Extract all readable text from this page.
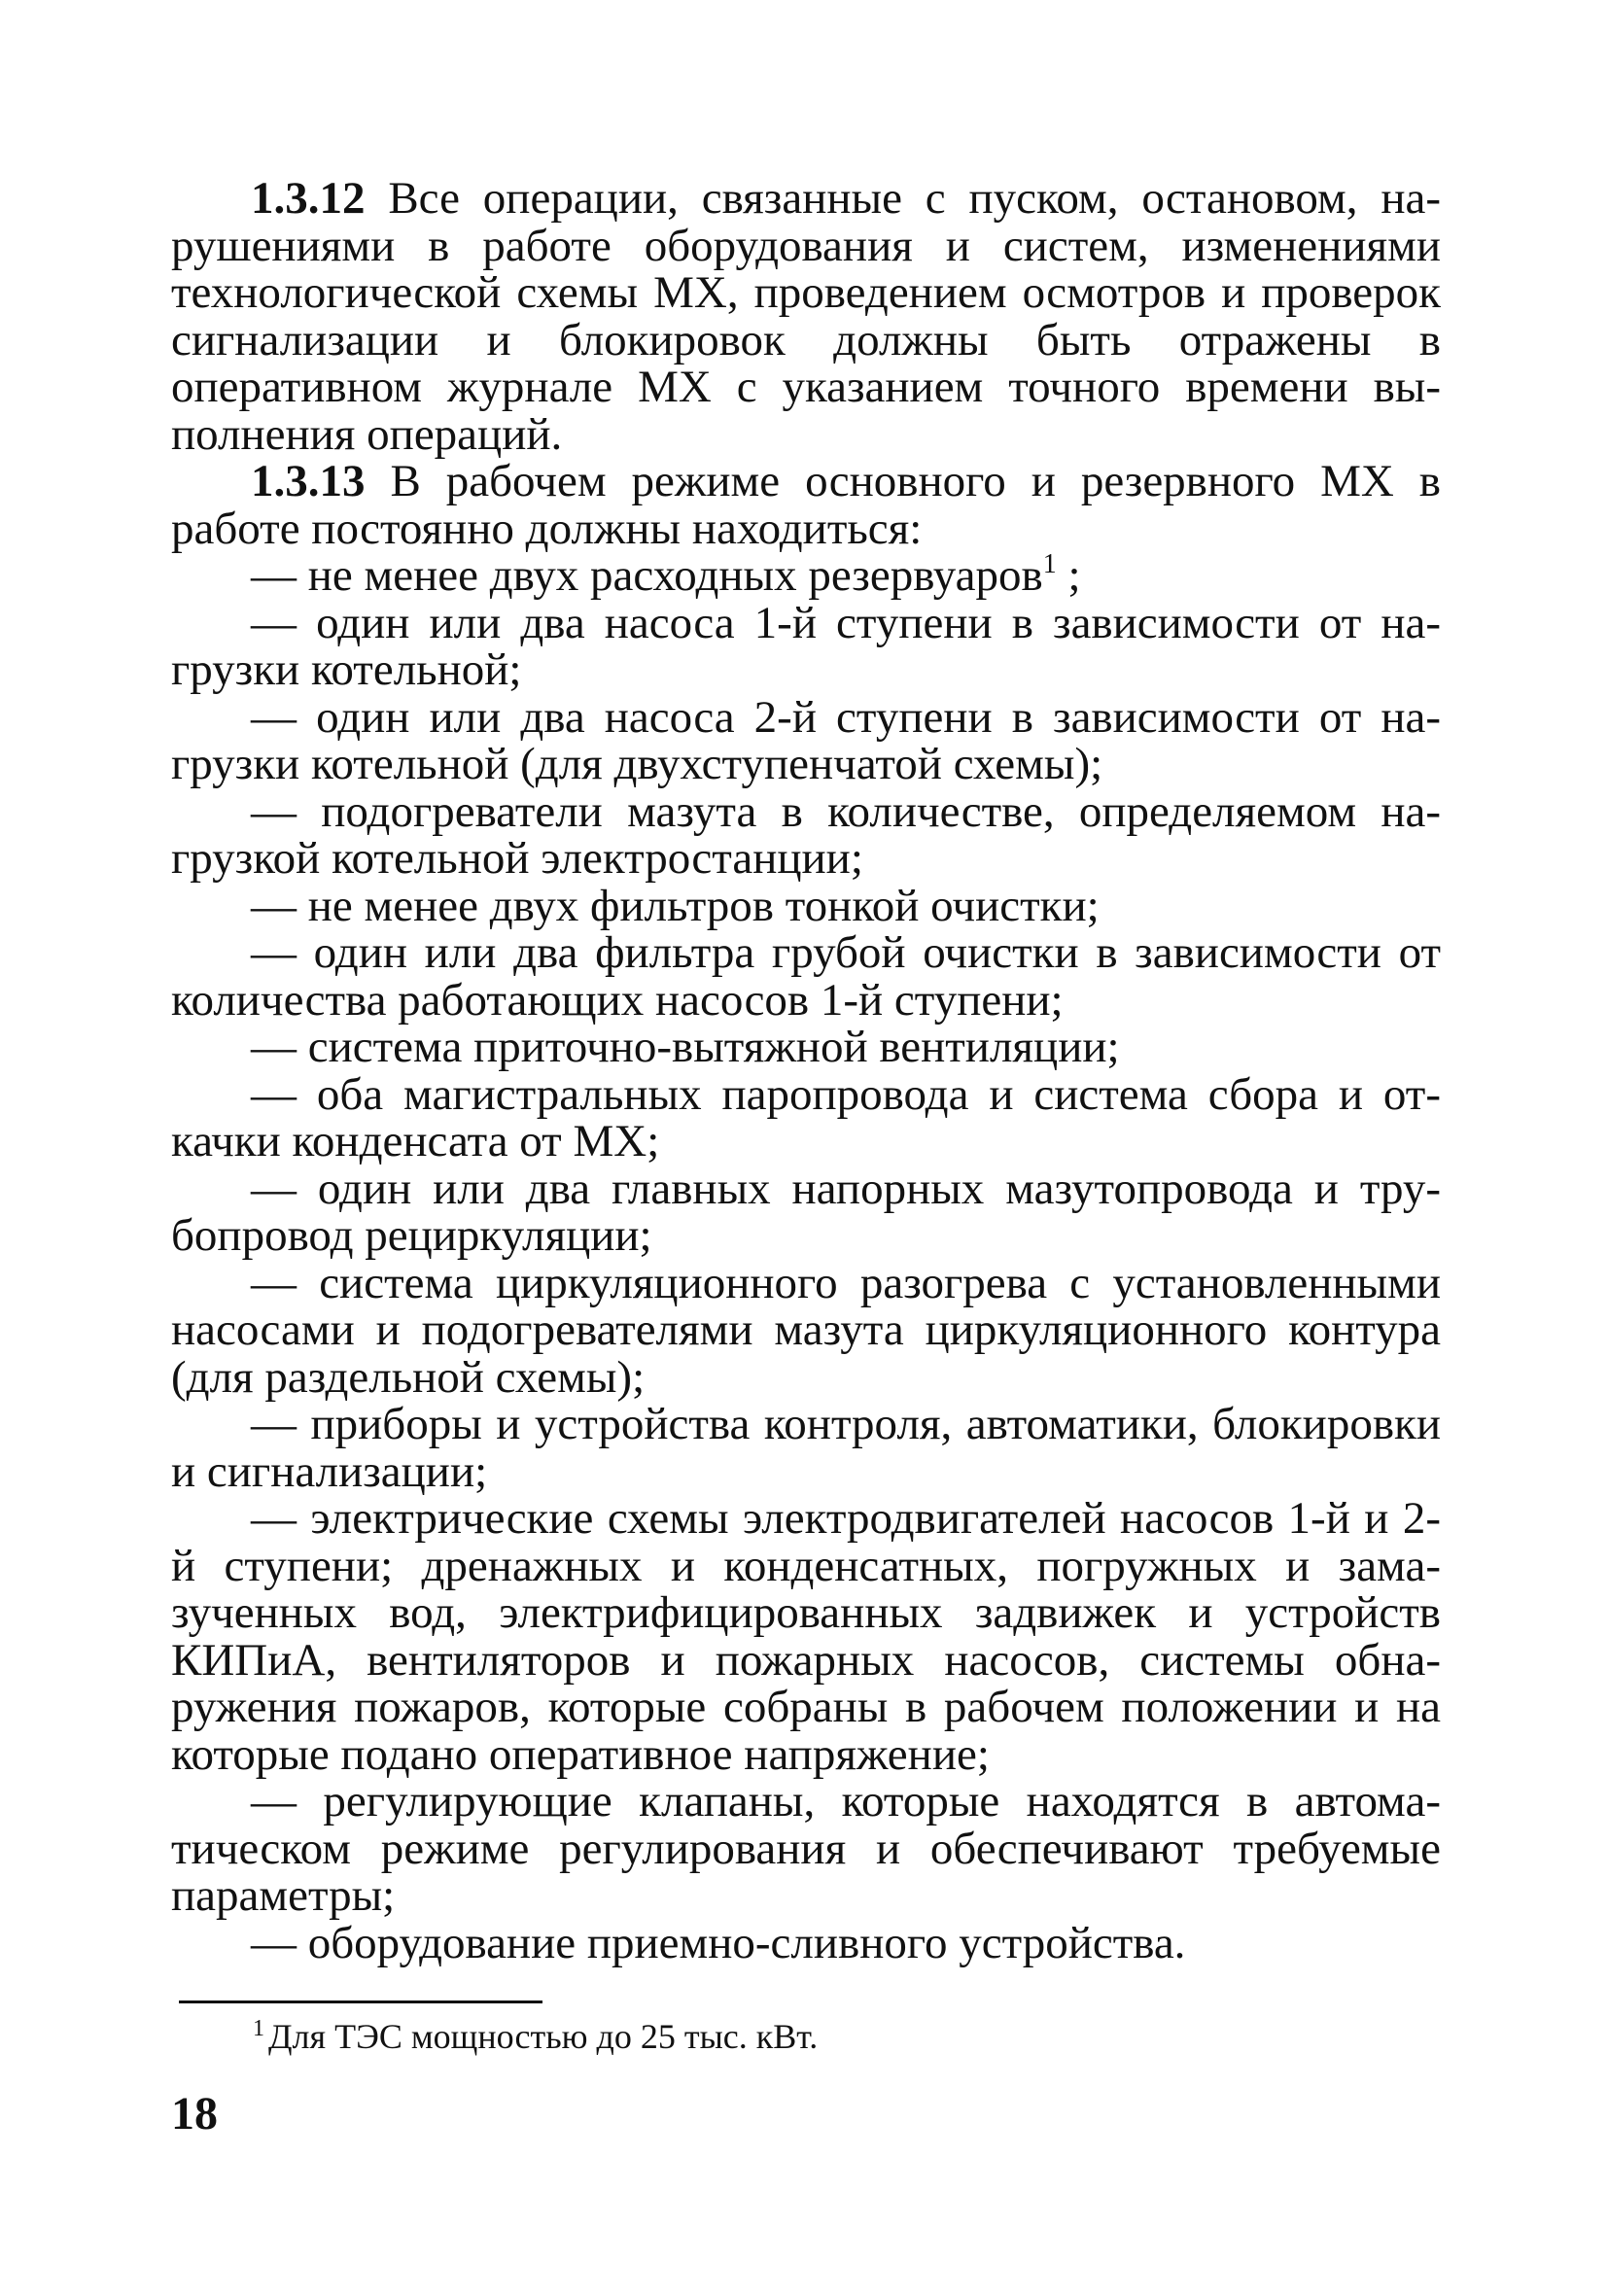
1.3.12 Все операции, связанные с пуском, остановом, нарушениями в работе оборудования и систем, изменениями технологической схемы МХ, проведением осмотров и проверок сигнализации и блокировок должны быть отражены в оперативном журнале МХ с указанием точного времени выполнения операций.

1.3.13 В рабочем режиме основного и резервного МХ в работе постоянно должны находиться:

— не менее двух расходных резервуаров$^1$ ;

— один или два насоса 1-й ступени в зависимости от нагрузки котельной;

— один или два насоса 2-й ступени в зависимости от нагрузки котельной (для двухступенчатой схемы);

— подогреватели мазута в количестве, определяемом нагрузкой котельной электростанции;

— не менее двух фильтров тонкой очистки;

— один или два фильтра грубой очистки в зависимости от количества работающих насосов 1-й ступени;

— система приточно-вытяжной вентиляции;

— оба магистральных паропровода и система сбора и откачки конденсата от МХ;

— один или два главных напорных мазутопровода и трубопровод рециркуляции;

— система циркуляционного разогрева с установленными насосами и подогревателями мазута циркуляционного контура (для раздельной схемы);

— приборы и устройства контроля, автоматики, блокировки и сигнализации;

— электрические схемы электродвигателей насосов 1-й и 2-й ступени; дренажных и конденсатных, погружных и замазученных вод, электрифицированных задвижек и устройств КИПиА, вентиляторов и пожарных насосов, системы обнаружения пожаров, которые собраны в рабочем положении и на которые подано оперативное напряжение;

— регулирующие клапаны, которые находятся в автоматическом режиме регулирования и обеспечивают требуемые параметры;

— оборудование приемно-сливного устройства.

$^1$ Для ТЭС мощностью до 25 тыс. кВт.
18
